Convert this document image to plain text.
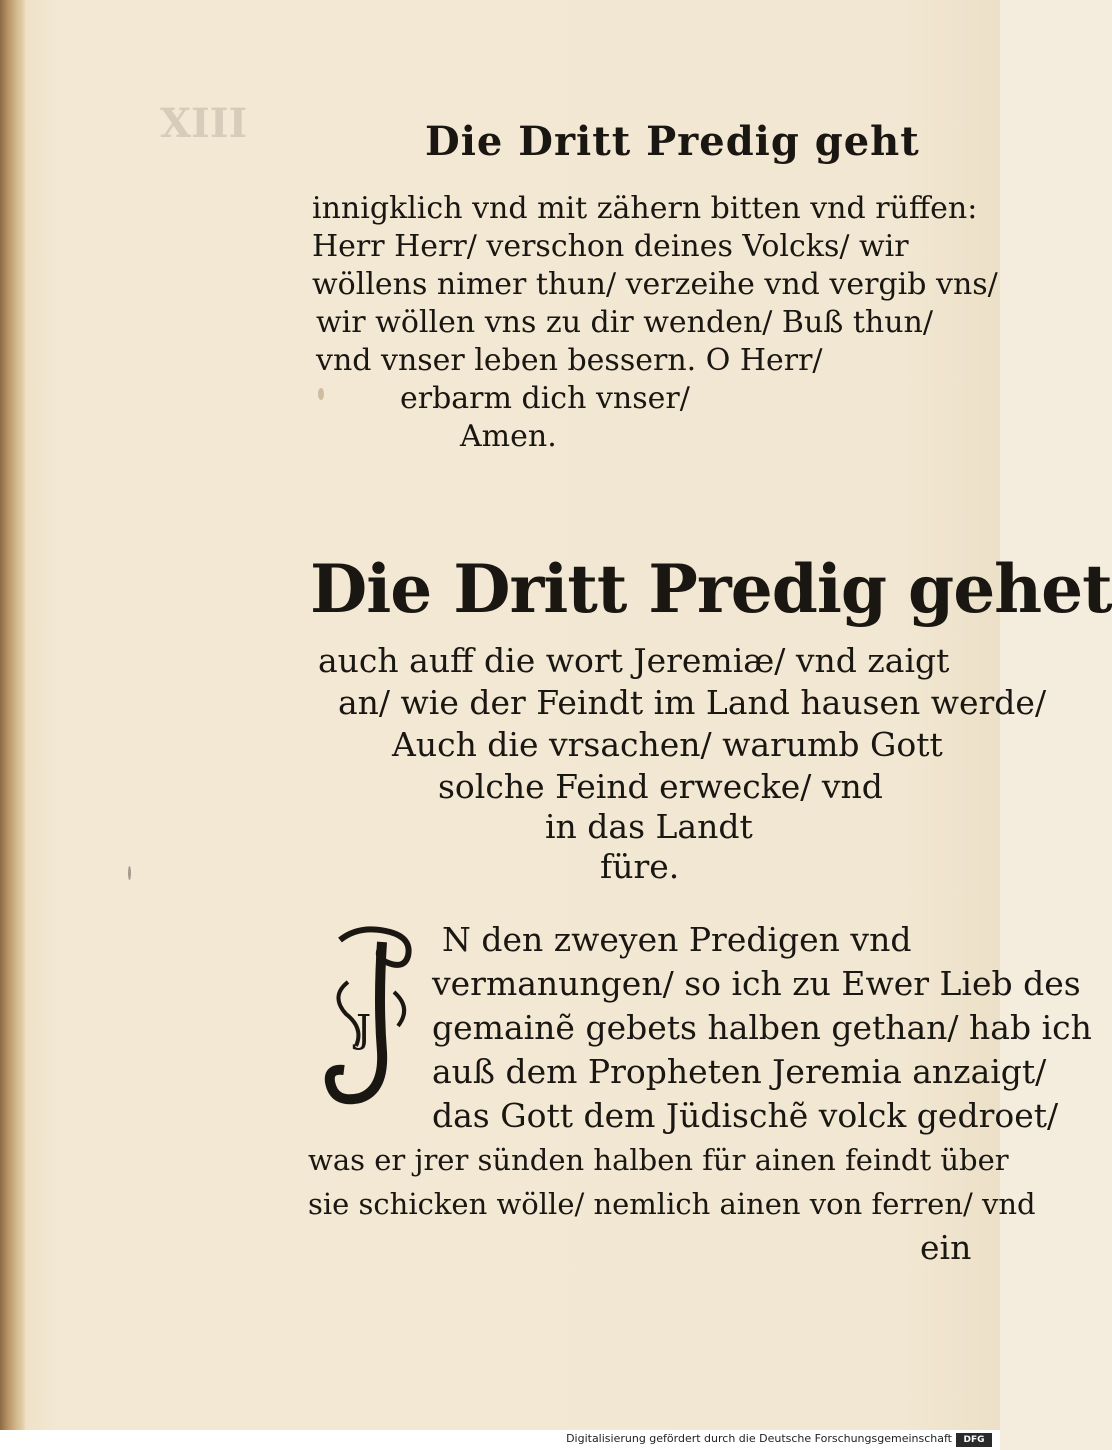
XIII	Die Dritt Predig geht
innigklich vnd mit zähern bitten vnd rüffen:
Herr Herr/ verschon deines Volcks/ wir
wöllens nimer thun/ verzeihe vnd vergib vns/
wir wöllen vns zu dir wenden/ Buß thun/
vnd vnser leben bessern. O Herr/
erbarm dich vnser/
Amen.
Die Dritt Predig gehet
auch auff die wort Jeremiæ/ vnd zaigt
an/ wie der Feindt im Land hausen werde/
Auch die vrsachen/ warumb Gott
solche Feind erwecke/ vnd
in das Landt
füre.
J
N den zweyen Predigen vnd
vermanungen/ so ich zu Ewer Lieb des
gemainẽ gebets halben gethan/ hab ich
auß dem Propheten Jeremia anzaigt/
das Gott dem Jüdischẽ volck gedroet/
was er jrer sünden halben für ainen feindt über
sie schicken wölle/ nemlich ainen von ferren/ vnd
ein
Digitalisierung gefördert durch die Deutsche Forschungsgemeinschaft	DFG
